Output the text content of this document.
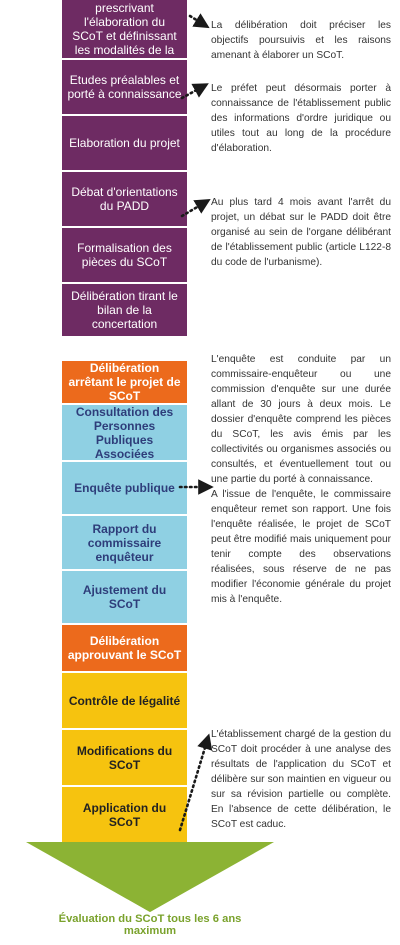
prescrivant l'élaboration du SCoT et définissant les modalités de la
Etudes préalables et porté à connaissance
Elaboration du projet
Débat d'orientations du PADD
Formalisation des pièces du SCoT
Délibération tirant le bilan de la concertation
Délibération arrêtant le projet de SCoT
Consultation des Personnes Publiques Associées
Enquête publique
Rapport du commissaire enquêteur
Ajustement du SCoT
Délibération approuvant le SCoT
Contrôle de légalité
Modifications du SCoT
Application du SCoT
La délibération doit préciser les objectifs poursuivis et les raisons amenant à élaborer un SCoT.
Le préfet peut désormais porter à connaissance de l'établissement public des informations d'ordre juridique ou utiles tout au long de la procédure d'élaboration.
Au plus tard 4 mois avant l'arrêt du projet, un débat sur le PADD doit être organisé au sein de l'organe délibérant de l'établissement public (article L122-8 du code de l'urbanisme).
L'enquête est conduite par un commissaire-enquêteur ou une commission d'enquête sur une durée allant de 30 jours à deux mois. Le dossier d'enquête comprend les pièces du SCoT, les avis émis par les collectivités ou organismes associés ou consultés, et éventuellement tout ou une partie du porté à connaissance.
A l'issue de l'enquête, le commissaire enquêteur remet son rapport. Une fois l'enquête réalisée, le projet de SCoT peut être modifié mais uniquement pour tenir compte des observations réalisées, sous réserve de ne pas modifier l'économie générale du projet mis à l'enquête.
L'établissement chargé de la gestion du SCoT doit procéder à une analyse des résultats de l'application du SCoT et délibère sur son maintien en vigueur ou sur sa révision partielle ou complète. En l'absence de cette délibération, le SCoT est caduc.
Évaluation du SCoT tous les 6 ans maximum
